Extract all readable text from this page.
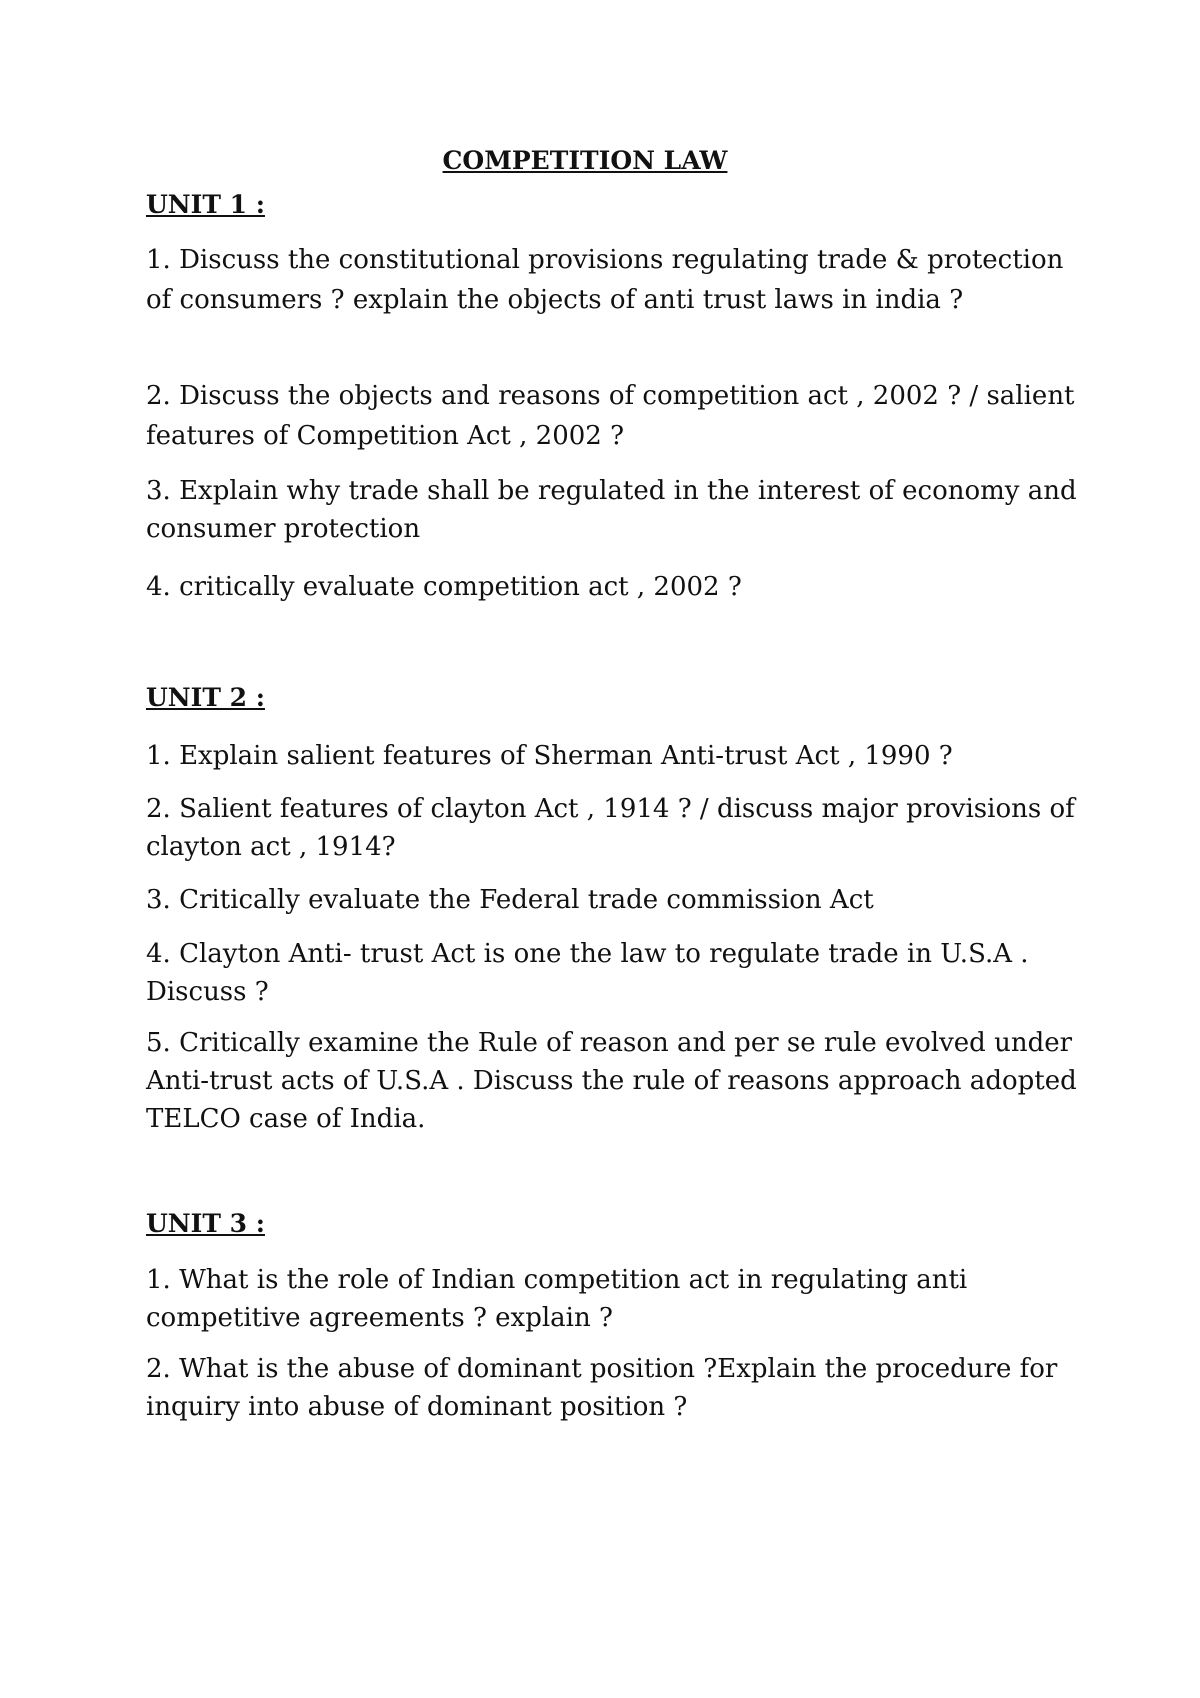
COMPETITION LAW
UNIT 1 :

1. Discuss the constitutional provisions regulating trade & protection of consumers ? explain the objects of anti trust laws in india ?

2. Discuss the objects and reasons of competition act , 2002 ? / salient features of Competition Act , 2002 ?

3. Explain why trade shall be regulated in the interest of economy and consumer protection

4. critically evaluate competition act , 2002 ?

UNIT 2 :

1. Explain salient features of Sherman Anti-trust Act , 1990 ?

2. Salient features of clayton Act , 1914 ? / discuss major provisions of clayton act , 1914?

3. Critically evaluate the Federal trade commission Act

4. Clayton Anti- trust Act is one the law to regulate trade in U.S.A . Discuss ?

5. Critically examine the Rule of reason and per se rule evolved under Anti-trust acts of U.S.A . Discuss the rule of reasons approach adopted TELCO case of India.

UNIT 3 :

1. What is the role of Indian competition act in regulating anti competitive agreements ? explain ?

2. What is the abuse of dominant position ?Explain the procedure for inquiry into abuse of dominant position ?
